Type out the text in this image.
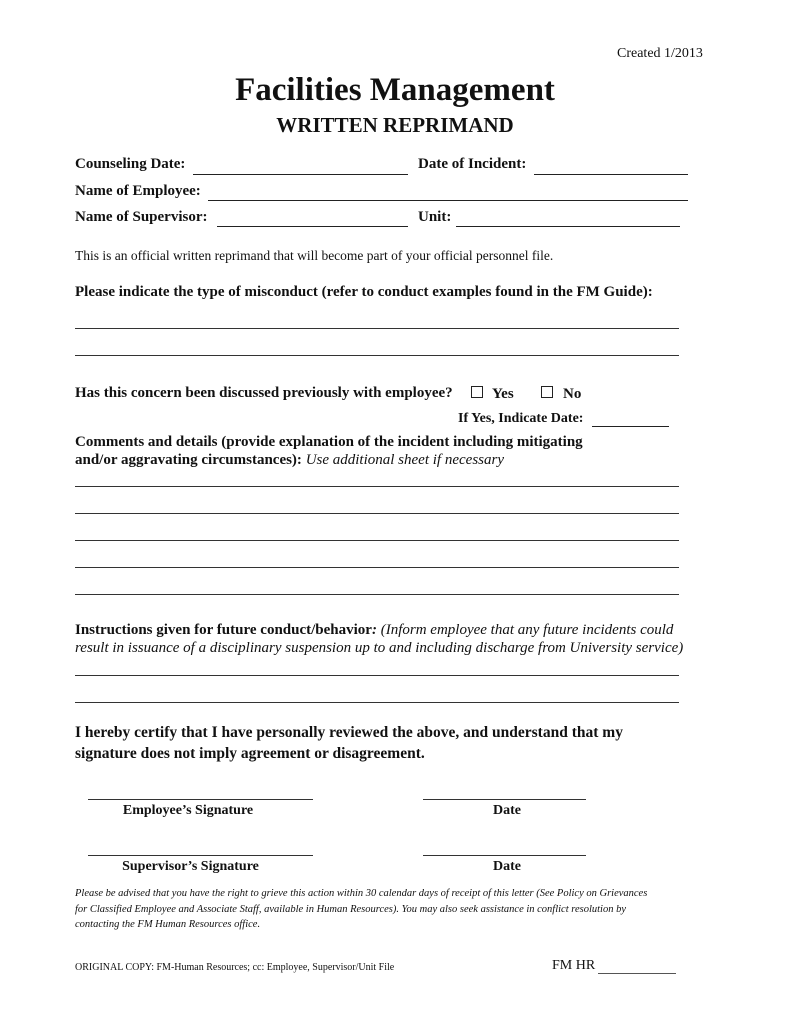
Created 1/2013
Facilities Management
WRITTEN REPRIMAND
Counseling Date:	Date of Incident:
Name of Employee:
Name of Supervisor:	Unit:
This is an official written reprimand that will become part of your official personnel file.
Please indicate the type of misconduct (refer to conduct examples found in the FM Guide):
Has this concern been discussed previously with employee?	Yes	No
If Yes, Indicate Date:
Comments and details (provide explanation of the incident including mitigating
and/or aggravating circumstances): Use additional sheet if necessary
Instructions given for future conduct/behavior: (Inform employee that any future incidents could
result in issuance of a disciplinary suspension up to and including discharge from University service)
I hereby certify that I have personally reviewed the above, and understand that my
signature does not imply agreement or disagreement.
Employee’s Signature	Date
Supervisor’s Signature	Date
Please be advised that you have the right to grieve this action within 30 calendar days of receipt of this letter (See Policy on Grievances
for Classified Employee and Associate Staff, available in Human Resources). You may also seek assistance in conflict resolution by
contacting the FM Human Resources office.
ORIGINAL COPY: FM-Human Resources; cc: Employee, Supervisor/Unit File	FM HR
